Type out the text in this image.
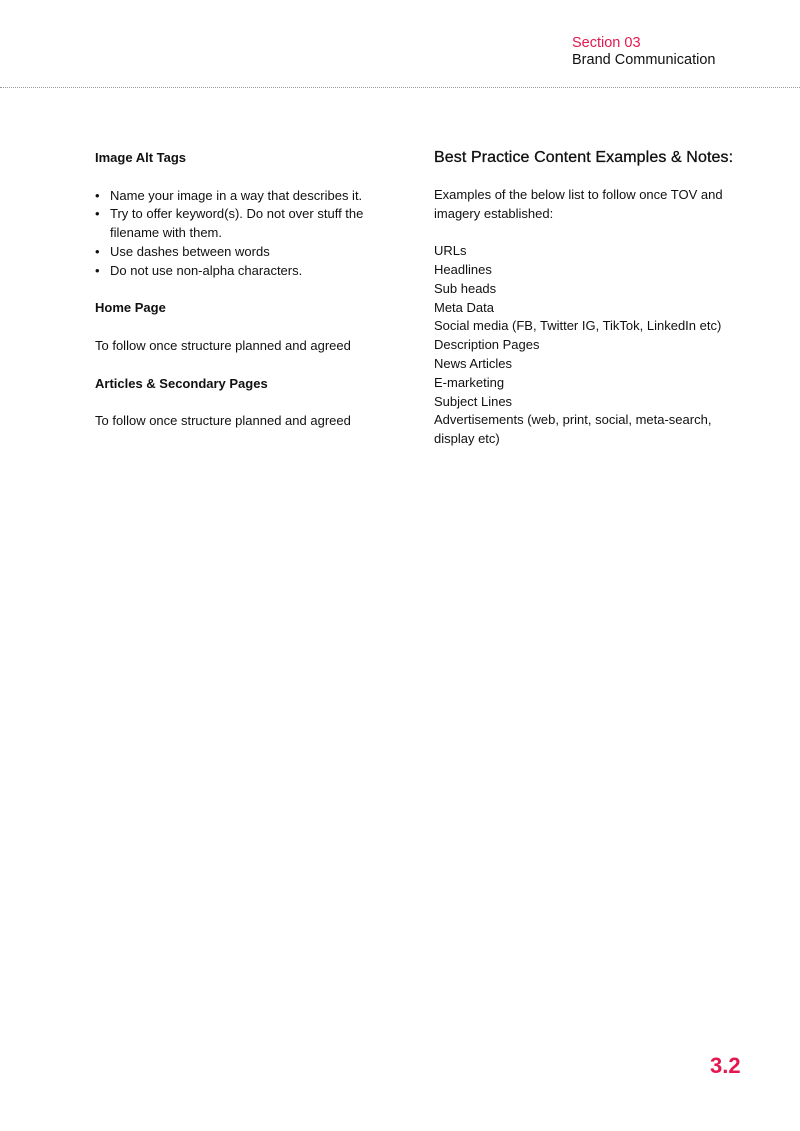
Section 03
Brand Communication
Image Alt Tags
• Name your image in a way that describes it.
• Try to offer keyword(s). Do not over stuff the filename with them.
• Use dashes between words
• Do not use non-alpha characters.
Home Page

To follow once structure planned and agreed

Articles & Secondary Pages

To follow once structure planned and agreed

Best Practice Content Examples & Notes:

Examples of the below list to follow once TOV and imagery established:

URLs
Headlines
Sub heads
Meta Data
Social media (FB, Twitter IG, TikTok, LinkedIn etc)
Description Pages
News Articles
E-marketing
Subject Lines
Advertisements (web, print, social, meta-search, display etc)
3.2
